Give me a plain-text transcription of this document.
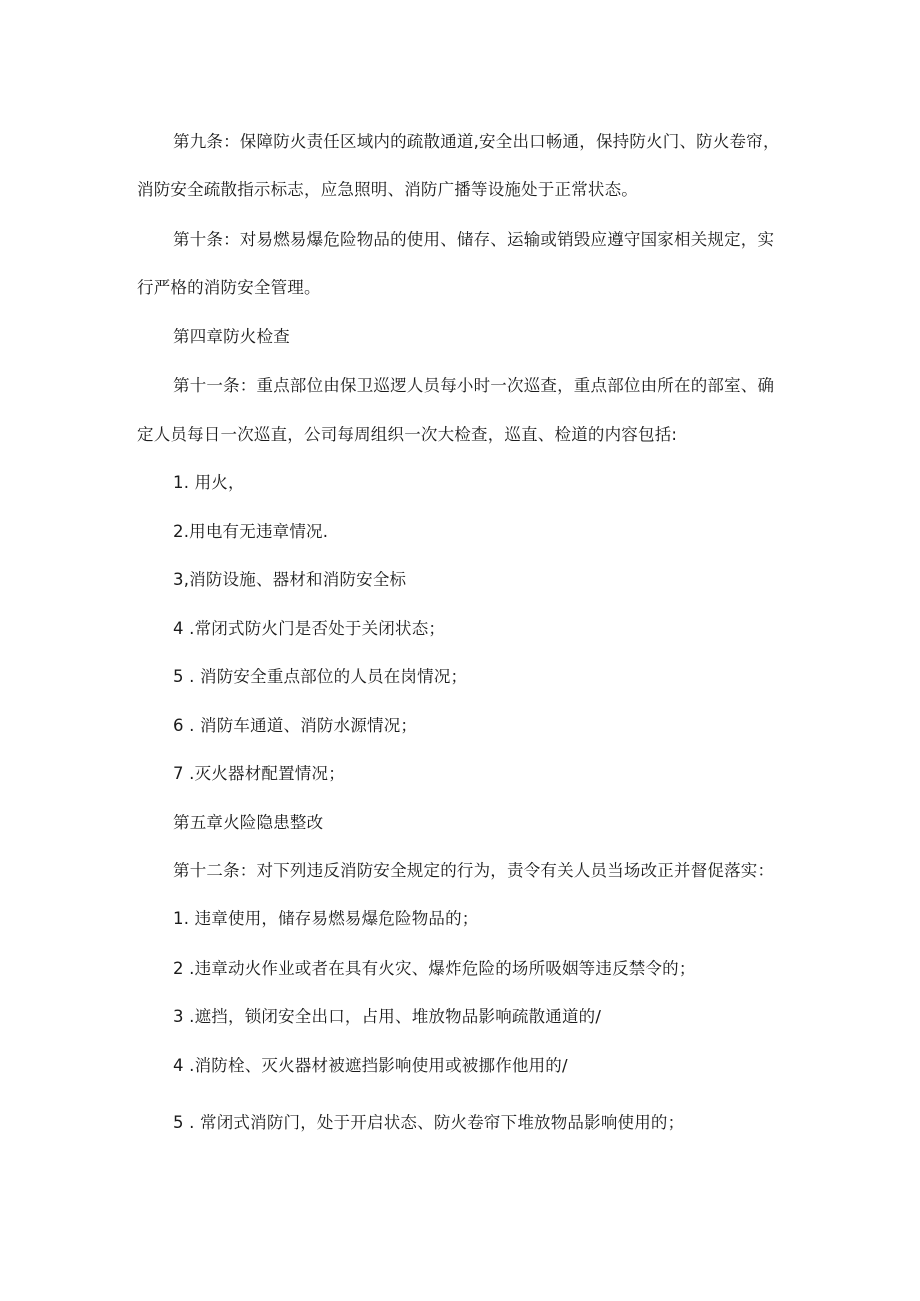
第九条：保障防火责任区域内的疏散通道,安全出口畅通，保持防火门、防火卷帘，
消防安全疏散指示标志，应急照明、消防广播等设施处于正常状态。
第十条：对易燃易爆危险物品的使用、储存、运输或销毁应遵守国家相关规定，实
行严格的消防安全管理。
第四章防火检查
第十一条：重点部位由保卫巡逻人员每小时一次巡查，重点部位由所在的部室、确
定人员每日一次巡直，公司每周组织一次大检查，巡直、检道的内容包括:
1. 用火，
2.用电有无违章情况.
3,消防设施、器材和消防安全标
4 .常闭式防火门是否处于关闭状态；
5 . 消防安全重点部位的人员在岗情况；
6 . 消防车通道、消防水源情况；
7 .灭火器材配置情况；
第五章火险隐患整改
第十二条：对下列违反消防安全规定的行为，责令有关人员当场改正并督促落实：
1. 违章使用，储存易燃易爆危险物品的；
2 .违章动火作业或者在具有火灾、爆炸危险的场所吸姻等违反禁令的；
3 .遮挡，锁闭安全出口，占用、堆放物品影响疏散通道的∕
4 .消防栓、灭火器材被遮挡影响使用或被挪作他用的∕
5 . 常闭式消防门，处于开启状态、防火卷帘下堆放物品影响使用的；
